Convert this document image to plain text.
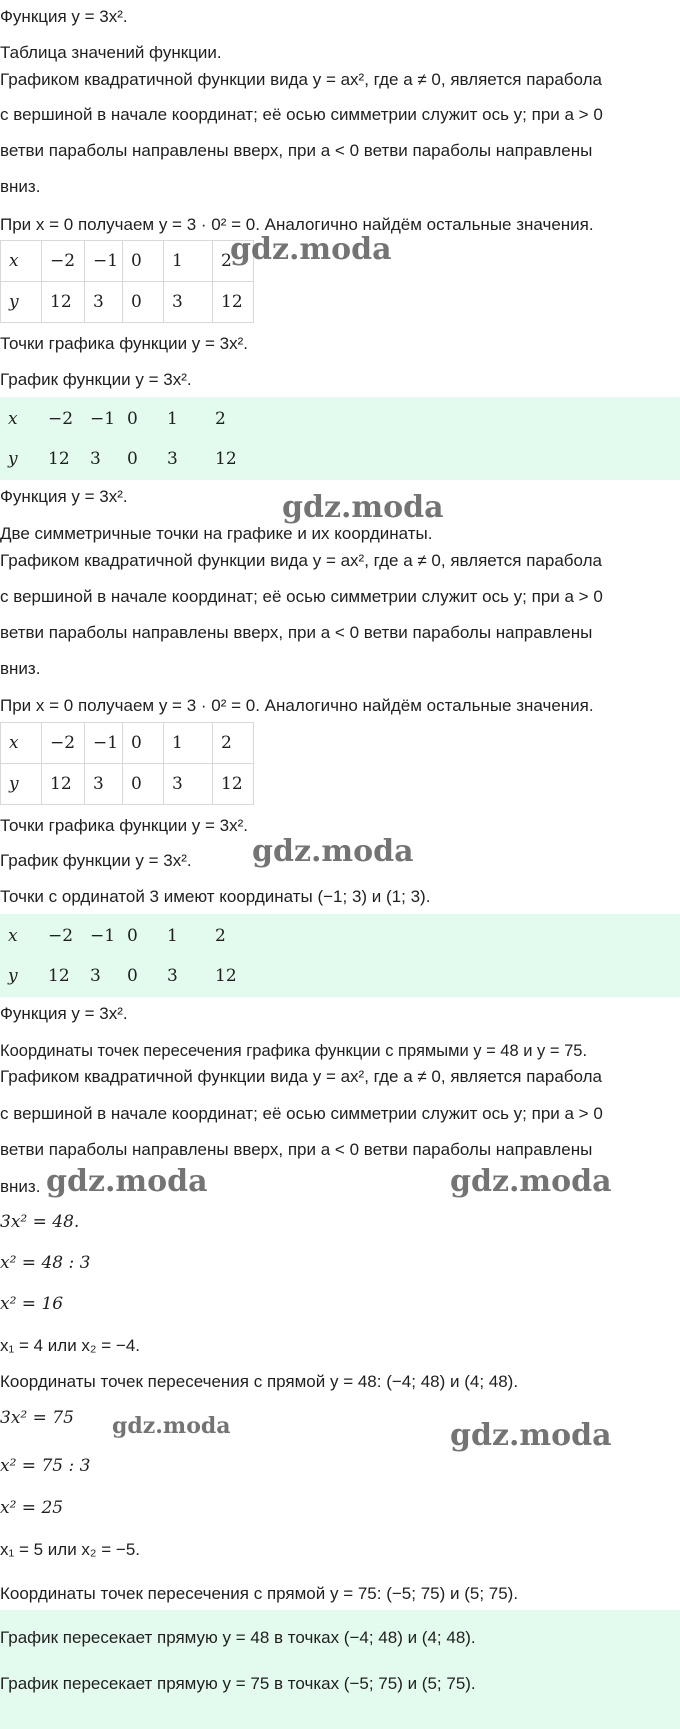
Функция y = 3x².
Таблица значений функции.
Графиком квадратичной функции вида y = ax², где a ≠ 0, является парабола
с вершиной в начале координат; её осью симметрии служит ось y; при a > 0
ветви параболы направлены вверх, при a < 0 ветви параболы направлены
вниз.
При x = 0 получаем y = 3 · 0² = 0. Аналогично найдём остальные значения.
x	−2	−1	0	1	2
y	12	3	0	3	12
Точки графика функции y = 3x².
График функции y = 3x².
x	−2	−1	0	1	2
y	12	3	0	3	12
Функция y = 3x².
Две симметричные точки на графике и их координаты.
Графиком квадратичной функции вида y = ax², где a ≠ 0, является парабола
с вершиной в начале координат; её осью симметрии служит ось y; при a > 0
ветви параболы направлены вверх, при a < 0 ветви параболы направлены
вниз.
При x = 0 получаем y = 3 · 0² = 0. Аналогично найдём остальные значения.
x	−2	−1	0	1	2
y	12	3	0	3	12
Точки графика функции y = 3x².
График функции y = 3x².
Точки с ординатой 3 имеют координаты (−1; 3) и (1; 3).
x	−2	−1	0	1	2
y	12	3	0	3	12
Функция y = 3x².
Координаты точек пересечения графика функции с прямыми y = 48 и y = 75.
Графиком квадратичной функции вида y = ax², где a ≠ 0, является парабола
с вершиной в начале координат; её осью симметрии служит ось y; при a > 0
ветви параболы направлены вверх, при a < 0 ветви параболы направлены
вниз.
3x² = 48.
x² = 48 : 3
x² = 16
x₁ = 4 или x₂ = −4.
Координаты точек пересечения с прямой y = 48: (−4; 48) и (4; 48).
3x² = 75
x² = 75 : 3
x² = 25
x₁ = 5 или x₂ = −5.
Координаты точек пересечения с прямой y = 75: (−5; 75) и (5; 75).
График пересекает прямую y = 48 в точках (−4; 48) и (4; 48).
График пересекает прямую y = 75 в точках (−5; 75) и (5; 75).
gdz.moda
gdz.moda
gdz.moda
gdz.moda	gdz.moda
gdz.moda	gdz.moda
